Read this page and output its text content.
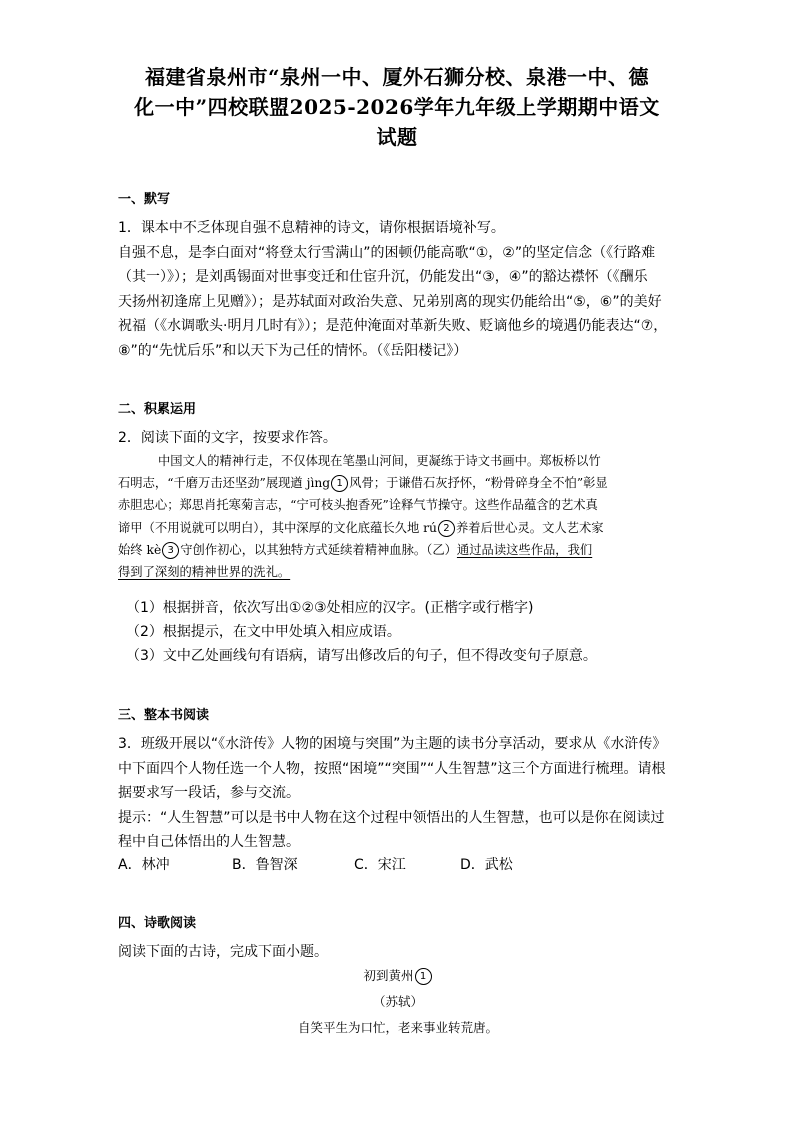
福建省泉州市“泉州一中、厦外石狮分校、泉港一中、德
化一中”四校联盟2025-2026学年九年级上学期期中语文
试题
一、默写

1．课本中不乏体现自强不息精神的诗文，请你根据语境补写。

自强不息，是李白面对“将登太行雪满山”的困顿仍能高歌“①，②”的坚定信念（《行路难

（其一）》）；是刘禹锡面对世事变迁和仕宦升沉，仍能发出“③，④”的豁达襟怀（《酬乐

天扬州初逢席上见赠》）；是苏轼面对政治失意、兄弟别离的现实仍能给出“⑤，⑥”的美好

祝福（《水调歌头·明月几时有》）；是范仲淹面对革新失败、贬谪他乡的境遇仍能表达“⑦，

⑧”的“先忧后乐”和以天下为己任的情怀。（《岳阳楼记》）

二、积累运用
2．阅读下面的文字，按要求作答。

中国文人的精神行走，不仅体现在笔墨山河间，更凝练于诗文书画中。郑板桥以竹

石明志，“千磨万击还坚劲”展现遒 jìng 1 风骨；于谦借石灰抒怀，“粉骨碎身全不怕”彰显

赤胆忠心；郑思肖托寒菊言志，“宁可枝头抱香死”诠释气节操守。这些作品蕴含的艺术真

谛甲（不用说就可以明白），其中深厚的文化底蕴长久地 rú 2 养着后世心灵。文人艺术家

始终 kè 3 守创作初心，以其独特方式延续着精神血脉。（乙）通过品读这些作品，我们

得到了深刻的精神世界的洗礼。

（1）根据拼音，依次写出①②③处相应的汉字。(正楷字或行楷字)
（2）根据提示，在文中甲处填入相应成语。
（3）文中乙处画线句有语病，请写出修改后的句子，但不得改变句子原意。
三、整本书阅读

3．班级开展以“《水浒传》人物的困境与突围”为主题的读书分享活动，要求从《水浒传》

中下面四个人物任选一个人物，按照“困境”“突围”“人生智慧”这三个方面进行梳理。请根

据要求写一段话，参与交流。

提示：“人生智慧”可以是书中人物在这个过程中领悟出的人生智慧，也可以是你在阅读过

程中自己体悟出的人生智慧。

A．林冲	B．鲁智深	C．宋江	D．武松
四、诗歌阅读
阅读下面的古诗，完成下面小题。
初到黄州 1
（苏轼）
自笑平生为口忙，老来事业转荒唐。
